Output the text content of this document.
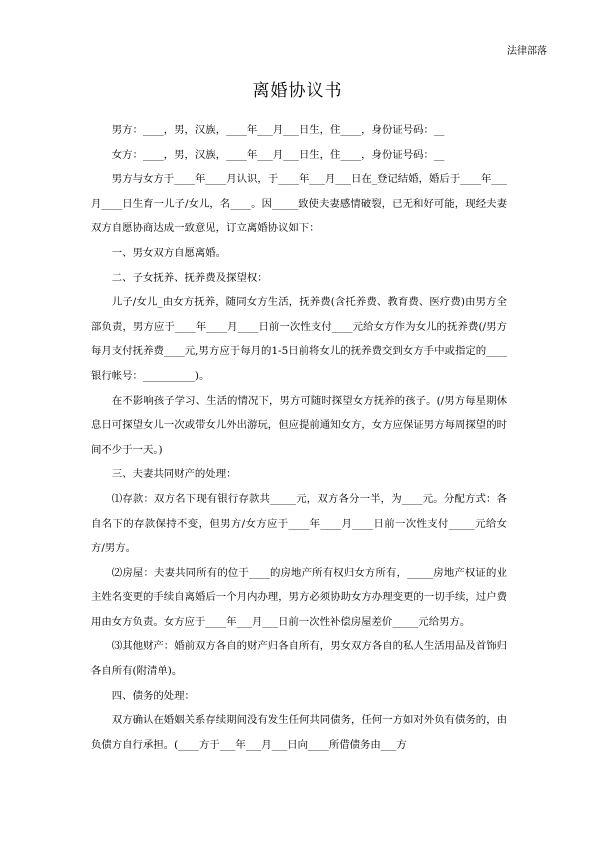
法律部落
离婚协议书

男方：____，男，汉族，____年___月___日生，住____，身份证号码：__

女方：____，男，汉族，____年___月___日生，住____，身份证号码：__

男方与女方于____年____月认识，于____年___月___日在_登记结婚，婚后于____年___月____日生育一儿子/女儿，名____。因_____致使夫妻感情破裂，已无和好可能，现经夫妻双方自愿协商达成一致意见，订立离婚协议如下：

一、男女双方自愿离婚。

二、子女抚养、抚养费及探望权：

儿子/女儿_由女方抚养，随同女方生活，抚养费(含托养费、教育费、医疗费)由男方全部负责，男方应于____年____月____日前一次性支付____元给女方作为女儿的抚养费(/男方每月支付抚养费____元,男方应于每月的1-5日前将女儿的抚养费交到女方手中或指定的____银行帐号：__________)。

在不影响孩子学习、生活的情况下，男方可随时探望女方抚养的孩子。(/男方每星期休息日可探望女儿一次或带女儿外出游玩，但应提前通知女方，女方应保证男方每周探望的时间不少于一天。)

三、夫妻共同财产的处理：

⑴存款：双方名下现有银行存款共_____元，双方各分一半，为____元。分配方式：各自名下的存款保持不变，但男方/女方应于____年____月____日前一次性支付_____元给女方/男方。

⑵房屋：夫妻共同所有的位于____的房地产所有权归女方所有，_____房地产权证的业主姓名变更的手续自离婚后一个月内办理，男方必须协助女方办理变更的一切手续，过户费用由女方负责。女方应于____年___月___日前一次性补偿房屋差价_____元给男方。

⑶其他财产：婚前双方各自的财产归各自所有，男女双方各自的私人生活用品及首饰归各自所有(附清单)。

四、债务的处理：

双方确认在婚姻关系存续期间没有发生任何共同债务，任何一方如对外负有债务的，由负债方自行承担。(____方于___年___月___日向____所借债务由___方
